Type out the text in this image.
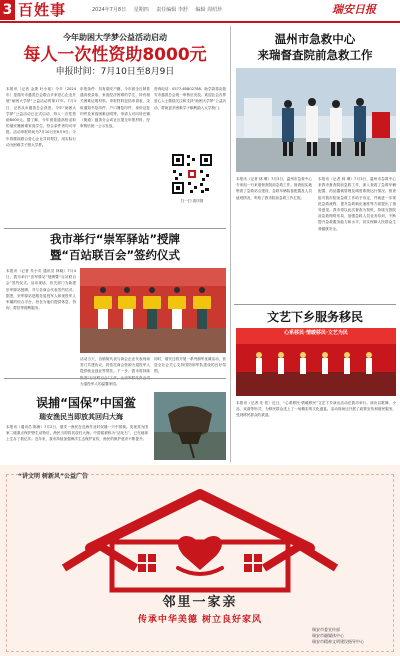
3 百姓事	2024年7月8日 星期四 责任编辑 李舒 编辑 周绍珍	瑞安日报
今年助困大学梦公益活动启动
每人一次性资助8000元
申报时间：7月10日至8月9日
本报讯（记者 金萧 叶小瑶）今年（2024年）是瑞安市慈善总会联合多家爱心企业开展“助困大学梦”公益活动的第17年。7月3日，记者从市慈善总会获悉，今年“助困大学梦”公益活动已正式启动，每人一次性资助8000元。据了解，今年被普通高校录取的瑞安籍困难家庭学生，符合条件者均可申报。活动申报时间为7月10日至8月9日。今年将继续联合爱心企业共同帮扶，用实际行动为困难学子圆大学梦。
申报条件：具有瑞安户籍，今年被全日制普通高校录取，家庭经济困难的学生，持有相关困难证明材料。申报材料包括申请表、录取通知书复印件、户口簿复印件、身份证复印件及家庭困难证明等。申请人可向所在镇（街道）慈善分会或社区提交申报材料，经审核后统一公示发放。
咨询电话：0577-65802788。助学款将由瑞安市慈善总会统一审核后发放。欢迎社会各界爱心人士继续关注和支持“助困大学梦”公益活动，帮助更多困难学子顺利踏入大学校门。
扫一扫 看详情
我市举行“崇军驿站”授牌
暨“百站联百会”签约仪式
本报讯（记者 朱小央 通讯员 林晓）7月4日，我市举行“崇军驿站”授牌暨“百站联百会”签约仪式。活动现场，有关部门为新建崇军驿站授牌，并与各商会代表签约结对。据悉，崇军驿站是服务退役军人和现役军人军属的综合平台，旨在为他们提供休息、咨询、帮扶等便利服务。
活动当天，各镇街代表与商会企业代表现场签订共建协议，将依托商会资源为退役军人提供就业创业等帮扶。下一步，我市将持续 为退役军人的温馨家园。
同时，瑞安还将开展一系列拥军优属活动，营造全社会关心支持国防和军队建设的良好氛围。
误捕“国保”中国鲎
瑞安渔民当即放其回归大海
本报讯（通讯员 陈海）7月2日，瑞安一渔民在近海作业时误捕一只中国鲎。发现其为国家二级重点保护野生动物后，渔民当即将其放归大海。中国鲎被称为“活化石”，已在地球上生存了数亿年。近年来，我市持续加强海洋生态保护宣传，渔民的保护意识不断提升。
温州市急救中心
来瑞督查院前急救工作
本报讯（记者 林 琳）7月3日，温州市急救中心专家组一行来瑞督查院前急救工作。督查组实地察看了急救站点建设、急救车辆装备配置及人员值班情况，听取了我市院前急救工作汇报。
本报讯（记者 林 琳）7月3日，温州市急救中心来我市督查院前急救工作，深入查看了急救车辆配置、药品器械管理及调度系统运行情况。督查组对我市院前急救工作给予肯定，并就进一步规范急救流程、提升急救响应速度等方面提出了指导意见。我市将以此次督查为契机，持续完善院前急救网络布局，加强急救人员业务培训，不断提升急救服务能力和水平，切实保障人民群众生命健康安全。
文艺下乡服务移民
心系移民·情暖移民·文艺为民
本报讯（记者 朱 依）近日，“心系移民·情暖移民”文艺下乡演出活动在我市举行。演出以歌舞、小品、戏曲等形式，为移民群众送上了一场精彩的文化盛宴。活动现场还开展了政策宣传和便民服务，受到移民群众的欢迎。
“讲文明 树新风”公益广告
邻里一家亲
传承中华美德 树立良好家风
瑞安市委宣传部
瑞安市融媒体中心
瑞安市精神文明建设指导中心
